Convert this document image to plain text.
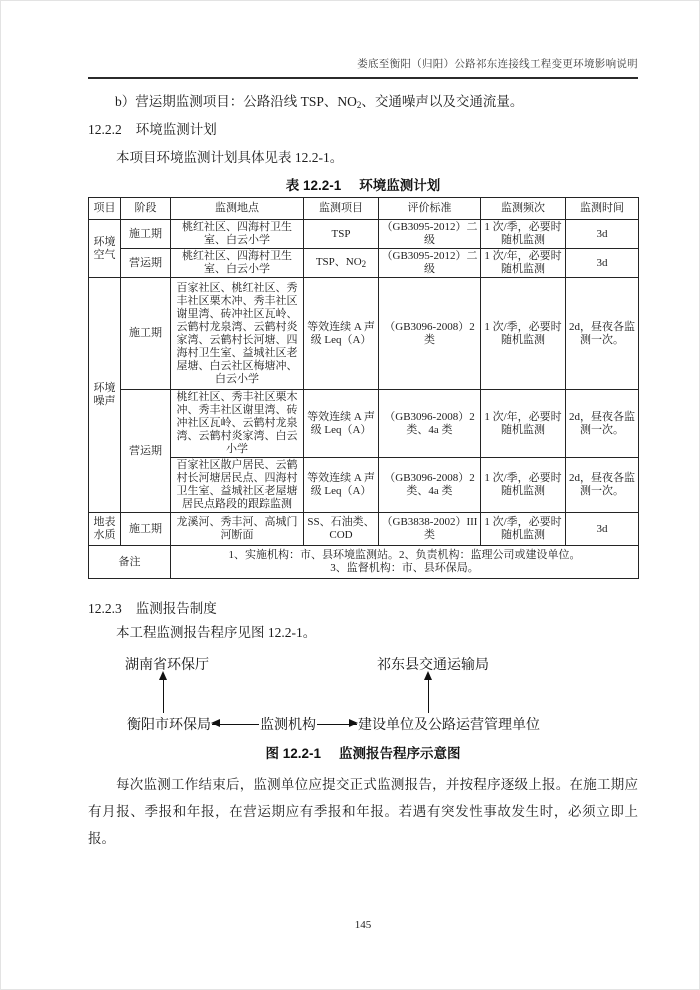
娄底至衡阳（归阳）公路祁东连接线工程变更环境影响说明
b）营运期监测项目：公路沿线 TSP、$NO_2$、交通噪声以及交通流量。
12.2.2 环境监测计划
本项目环境监测计划具体见表 12.2-1。
表 12.2-1 环境监测计划
项目	阶段	监测地点	监测项目	评价标准	监测频次	监测时间
环境空气	施工期	桃红社区、四海村卫生室、白云小学	TSP	（GB3095-2012）二级	1 次/季，必要时随机监测	3d
	营运期	桃红社区、四海村卫生室、白云小学	TSP、$NO_2$	（GB3095-2012）二级	1 次/年，必要时随机监测	3d
环境噪声	施工期	百家社区、桃红社区、秀丰社区栗木冲、秀丰社区谢里湾、砖冲社区瓦岭、云鹤村龙泉湾、云鹤村炎家湾、云鹤村长河塘、四海村卫生室、益城社区老屋塘、白云社区梅塘冲、白云小学	等效连续 A 声级 Leq（A）	（GB3096-2008）2 类	1 次/季，必要时随机监测	2d，昼夜各监测一次。
	营运期	桃红社区、秀丰社区栗木冲、秀丰社区谢里湾、砖冲社区瓦岭、云鹤村龙泉湾、云鹤村炎家湾、白云小学	等效连续 A 声级 Leq（A）	（GB3096-2008）2 类、4a 类	1 次/年，必要时随机监测	2d，昼夜各监测一次。
		百家社区散户居民、云鹤村长河塘居民点、四海村卫生室、益城社区老屋塘居民点路段的跟踪监测	等效连续 A 声级 Leq（A）	（GB3096-2008）2 类、4a 类	1 次/季，必要时随机监测	2d，昼夜各监测一次。
地表水质	施工期	龙溪河、秀丰河、高城门河断面	SS、石油类、COD	（GB3838-2002）III 类	1 次/季，必要时随机监测	3d
备注		1、实施机构：市、县环境监测站。2、负责机构：监理公司或建设单位。
3、监督机构：市、县环保局。				
12.2.3 监测报告制度
本工程监测报告程序见图 12.2-1。
湖南省环保厅	祁东县交通运输局
衡阳市环保局	监测机构	建设单位及公路运营管理单位
图 12.2-1 监测报告程序示意图
每次监测工作结束后，监测单位应提交正式监测报告，并按程序逐级上报。在施工期应有月报、季报和年报，在营运期应有季报和年报。若遇有突发性事故发生时，必须立即上报。
145
